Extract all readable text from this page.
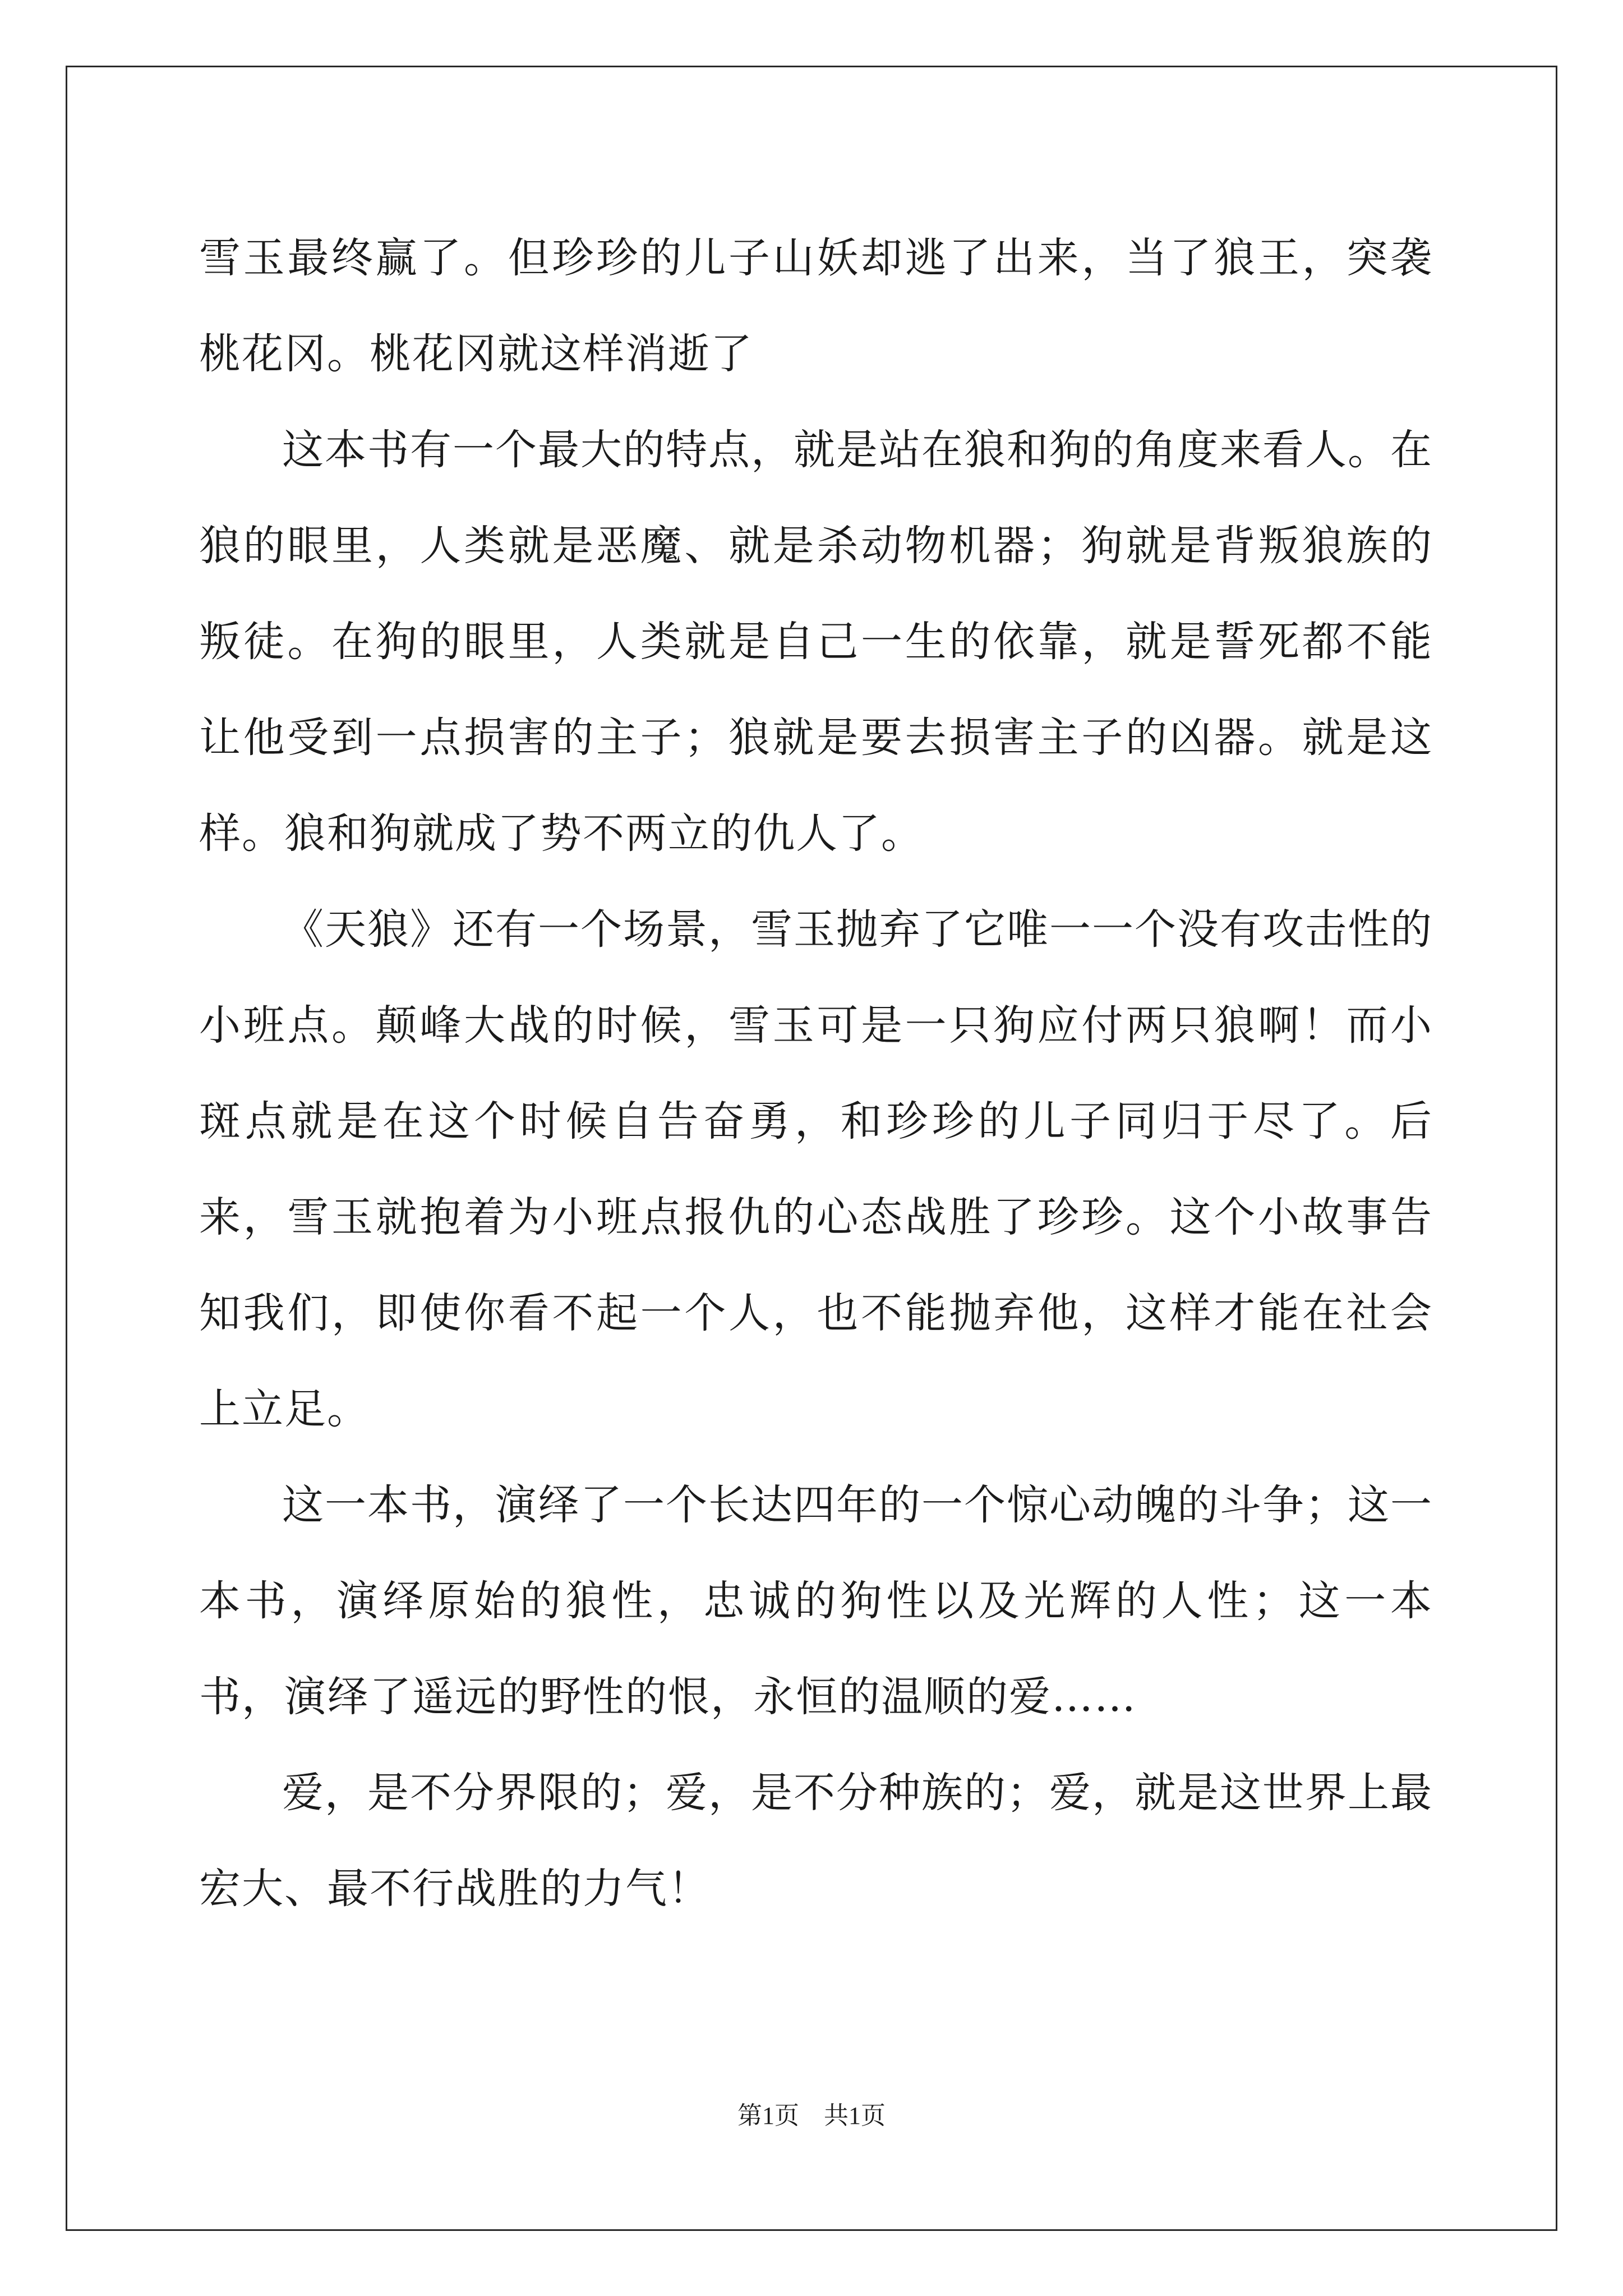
雪玉最终赢了。但珍珍的儿子山妖却逃了出来，当了狼王，突袭桃花冈。桃花冈就这样消逝了

这本书有一个最大的特点，就是站在狼和狗的角度来看人。在狼的眼里，人类就是恶魔、就是杀动物机器；狗就是背叛狼族的叛徒。在狗的眼里，人类就是自己一生的依靠，就是誓死都不能让他受到一点损害的主子；狼就是要去损害主子的凶器。就是这样。狼和狗就成了势不两立的仇人了。

《天狼》还有一个场景，雪玉抛弃了它唯一一个没有攻击性的小班点。颠峰大战的时候，雪玉可是一只狗应付两只狼啊！而小斑点就是在这个时候自告奋勇，和珍珍的儿子同归于尽了。后来，雪玉就抱着为小班点报仇的心态战胜了珍珍。这个小故事告知我们，即使你看不起一个人，也不能抛弃他，这样才能在社会上立足。

这一本书，演绎了一个长达四年的一个惊心动魄的斗争；这一本书，演绎原始的狼性，忠诚的狗性以及光辉的人性；这一本书，演绎了遥远的野性的恨，永恒的温顺的爱……

爱，是不分界限的；爱，是不分种族的；爱，就是这世界上最宏大、最不行战胜的力气！

第1页　共1页
